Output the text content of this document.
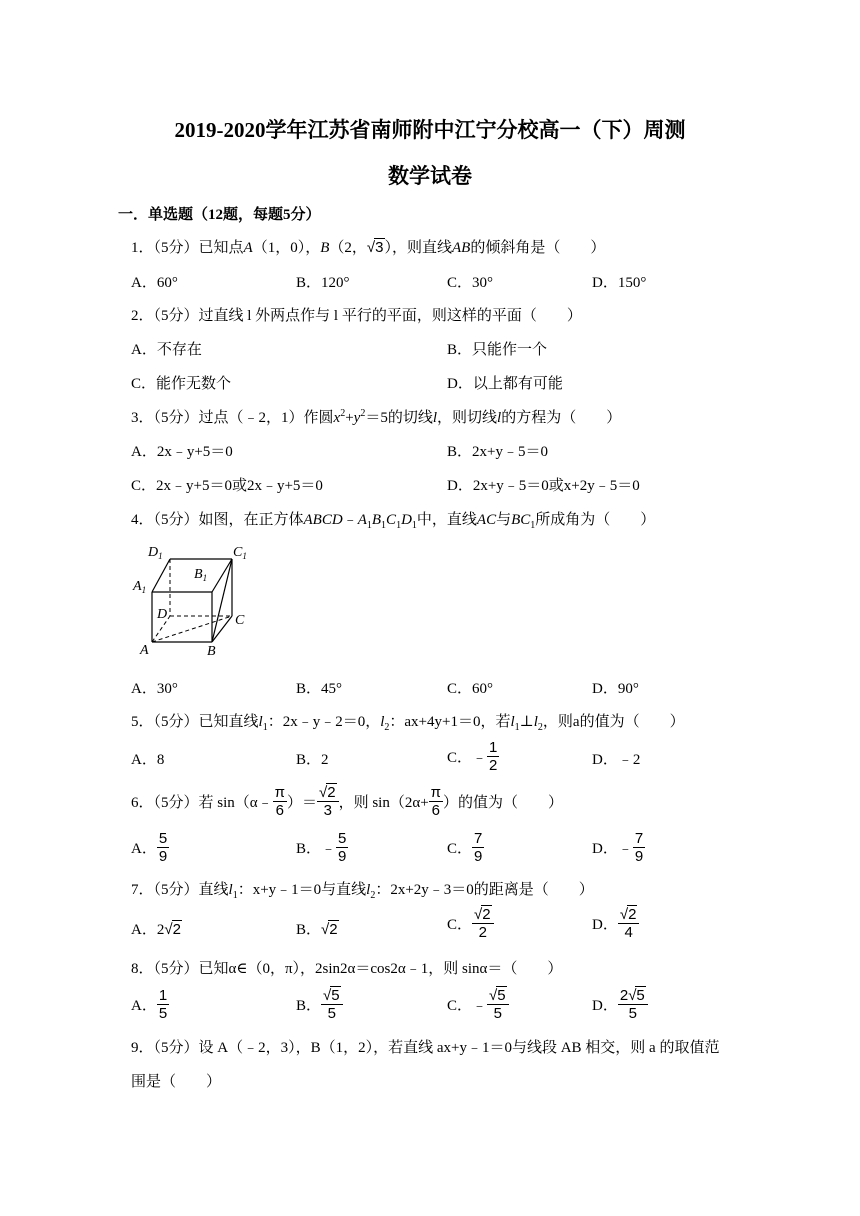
2019-2020学年江苏省南师附中江宁分校高一（下）周测
数学试卷
一．单选题（12题，每题5分）
1．（5分）已知点A（1，0），B（2，√3），则直线AB的倾斜角是（　　）
A．60°	B．120°	C．30°	D．150°
2．（5分）过直线 l 外两点作与 l 平行的平面，则这样的平面（　　）
A．不存在	B．只能作一个
C．能作无数个	D．以上都有可能
3．（5分）过点（﹣2，1）作圆$x^2+y^2=5$的切线l，则切线l的方程为（　　）
A．2x﹣y+5＝0	B．2x+y﹣5＝0
C．2x﹣y+5＝0或2x﹣y+5＝0	D．2x+y﹣5＝0或x+2y﹣5＝0
4．（5分）如图，在正方体$ABCD﹣A_1B_1C_1D_1$中，直线AC与$BC_1$所成角为（　　）
$D_1$	$C_1$
$A_1$
$B_1$
D	C
A	B
A．30°	B．45°	C．60°	D．90°
5．（5分）已知直线$l_1$：2x﹣y﹣2＝0，$l_2$：ax+4y+1＝0，若$l_1\perp l_2$，则a的值为（　　）
A．8	B．2	C．﹣ $\frac{1}{2}$	D．﹣2
6．（5分）若 sin（α﹣ $\frac{\pi}{6}$ ）＝ $\frac{√2}{3}$ ，则 $\sin(2\alpha+ \frac{\pi}{6}$ ）的值为（　　）
A． $\frac{5}{9}$	B．﹣ $\frac{5}{9}$	C． $\frac{7}{9}$	D．﹣ $\frac{7}{9}$
7．（5分）直线$l_1$：x+y﹣1＝0与直线$l_2$：2x+2y﹣3＝0的距离是（　　）
A．2√2	B．√2	C． $\frac{√2}{2}$	D． $\frac{√2}{4}$
8．（5分）已知α∈（0，π），2sin2α＝cos2α﹣1，则 sinα＝（　　）
A． $\frac{1}{5}$	B． $\frac{√5}{5}$	C．﹣ $\frac{√5}{5}$	D． $\frac{2√5}{5}$
9．（5分）设 A（﹣2，3），B（1，2），若直线 ax+y﹣1＝0与线段 AB 相交，则 a 的取值范
围是（　　）
